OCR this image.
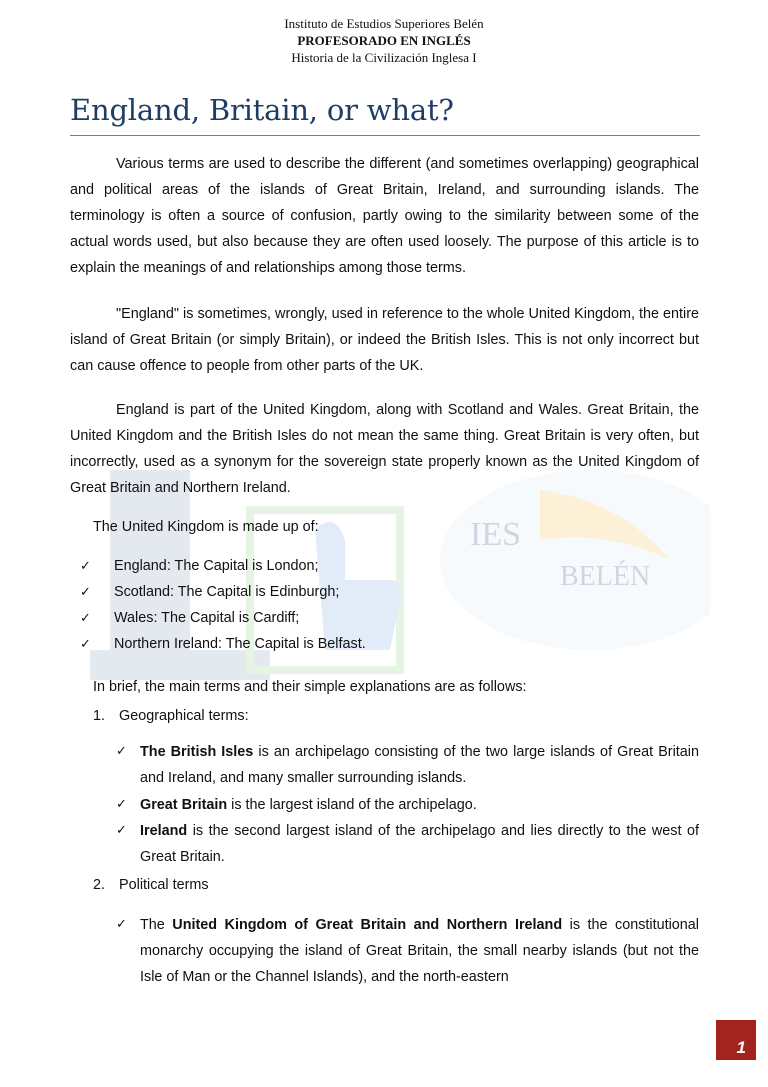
Instituto de Estudios Superiores Belén
PROFESORADO EN INGLÉS
Historia de la Civilización Inglesa I
IES
BELÉN
England, Britain, or what?
Various terms are used to describe the different (and sometimes overlapping) geographical and political areas of the islands of Great Britain, Ireland, and surrounding islands. The terminology is often a source of confusion, partly owing to the similarity between some of the actual words used, but also because they are often used loosely. The purpose of this article is to explain the meanings of and relationships among those terms.
"England" is sometimes, wrongly, used in reference to the whole United Kingdom, the entire island of Great Britain (or simply Britain), or indeed the British Isles. This is not only incorrect but can cause offence to people from other parts of the UK.
England is part of the United Kingdom, along with Scotland and Wales. Great Britain, the United Kingdom and the British Isles do not mean the same thing. Great Britain is very often, but incorrectly, used as a synonym for the sovereign state properly known as the United Kingdom of Great Britain and Northern Ireland.
The United Kingdom is made up of:
✓ England: The Capital is London;
✓ Scotland: The Capital is Edinburgh;
✓ Wales: The Capital is Cardiff;
✓ Northern Ireland: The Capital is Belfast.
In brief, the main terms and their simple explanations are as follows:
1. Geographical terms:
✓ The British Isles is an archipelago consisting of the two large islands of Great Britain and Ireland, and many smaller surrounding islands.
✓ Great Britain is the largest island of the archipelago.
✓ Ireland is the second largest island of the archipelago and lies directly to the west of Great Britain.
2. Political terms
✓ The United Kingdom of Great Britain and Northern Ireland is the constitutional monarchy occupying the island of Great Britain, the small nearby islands (but not the Isle of Man or the Channel Islands), and the north-eastern
1
